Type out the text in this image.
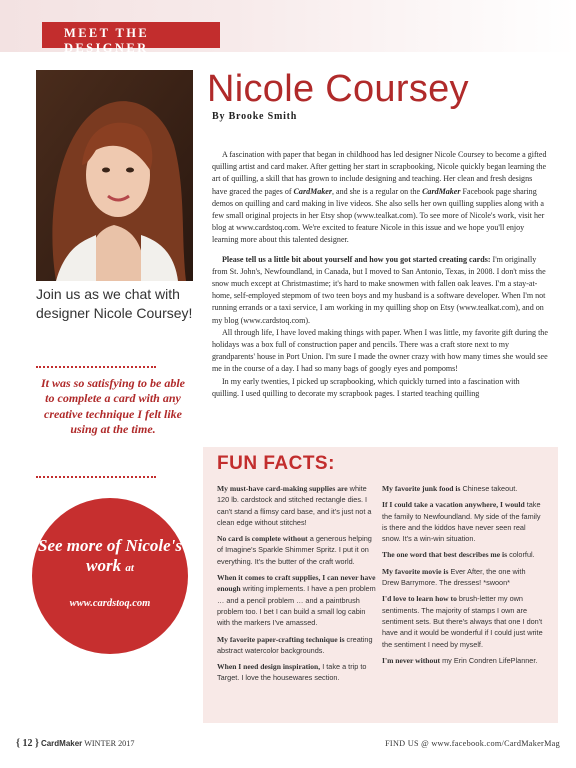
MEET THE DESIGNER
Nicole Coursey
By Brooke Smith

A fascination with paper that began in childhood has led designer Nicole Coursey to become a gifted quilling artist and card maker. After getting her start in scrapbooking, Nicole quickly began learning the art of quilling, a skill that has grown to include designing and teaching. Her clean and fresh designs have graced the pages of CardMaker, and she is a regular on the CardMaker Facebook page sharing demos on quilling and card making in live videos. She also sells her own quilling supplies along with a few small original projects in her Etsy shop (www.tealkat.com). To see more of Nicole's work, visit her blog at www.cardstoq.com. We're excited to feature Nicole in this issue and we hope you'll enjoy learning more about this talented designer.

Please tell us a little bit about yourself and how you got started creating cards: I'm originally from St. John's, Newfoundland, in Canada, but I moved to San Antonio, Texas, in 2008. I don't miss the snow much except at Christmastime; it's hard to make snowmen with fallen oak leaves. I'm a stay-at-home, self-employed stepmom of two teen boys and my husband is a software developer. When I'm not running errands or a taxi service, I am working in my quilling shop on Etsy (www.tealkat.com), and on my blog (www.cardstoq.com).

All through life, I have loved making things with paper. When I was little, my favorite gift during the holidays was a box full of construction paper and pencils. There was a craft store next to my grandparents' house in Port Union. I'm sure I made the owner crazy with how many times she would see me in the course of a day. I had so many bags of googly eyes and pompoms!

In my early twenties, I picked up scrapbooking, which quickly turned into a fascination with quilling. I used quilling to decorate my scrapbook pages. I started teaching quilling

Join us as we chat with designer Nicole Coursey!
It was so satisfying to be able to complete a card with any creative technique I felt like using at the time.
See more of Nicole's work at
www.cardstoq.com
FUN FACTS:

My must-have card-making supplies are white 120 lb. cardstock and stitched rectangle dies. I can't stand a flimsy card base, and it's just not a clean edge without stitches!

No card is complete without a generous helping of Imagine's Sparkle Shimmer Spritz. I put it on everything. It's the butter of the craft world.

When it comes to craft supplies, I can never have enough writing implements. I have a pen problem … and a pencil problem … and a paintbrush problem too. I bet I can build a small log cabin with the markers I've amassed.

My favorite paper-crafting technique is creating abstract watercolor backgrounds.

When I need design inspiration, I take a trip to Target. I love the housewares section.

My favorite junk food is Chinese takeout.

If I could take a vacation anywhere, I would take the family to Newfoundland. My side of the family is there and the kiddos have never seen real snow. It's a win-win situation.

The one word that best describes me is colorful.

My favorite movie is Ever After, the one with Drew Barrymore. The dresses! *swoon*

I'd love to learn how to brush-letter my own sentiments. The majority of stamps I own are sentiment sets. But there's always that one I don't have and it would be wonderful if I could just write the sentiment I need by myself.

I'm never without my Erin Condren LifePlanner.

{ 12 } CardMaker WINTER 2017	FIND US @ www.facebook.com/CardMakerMag
